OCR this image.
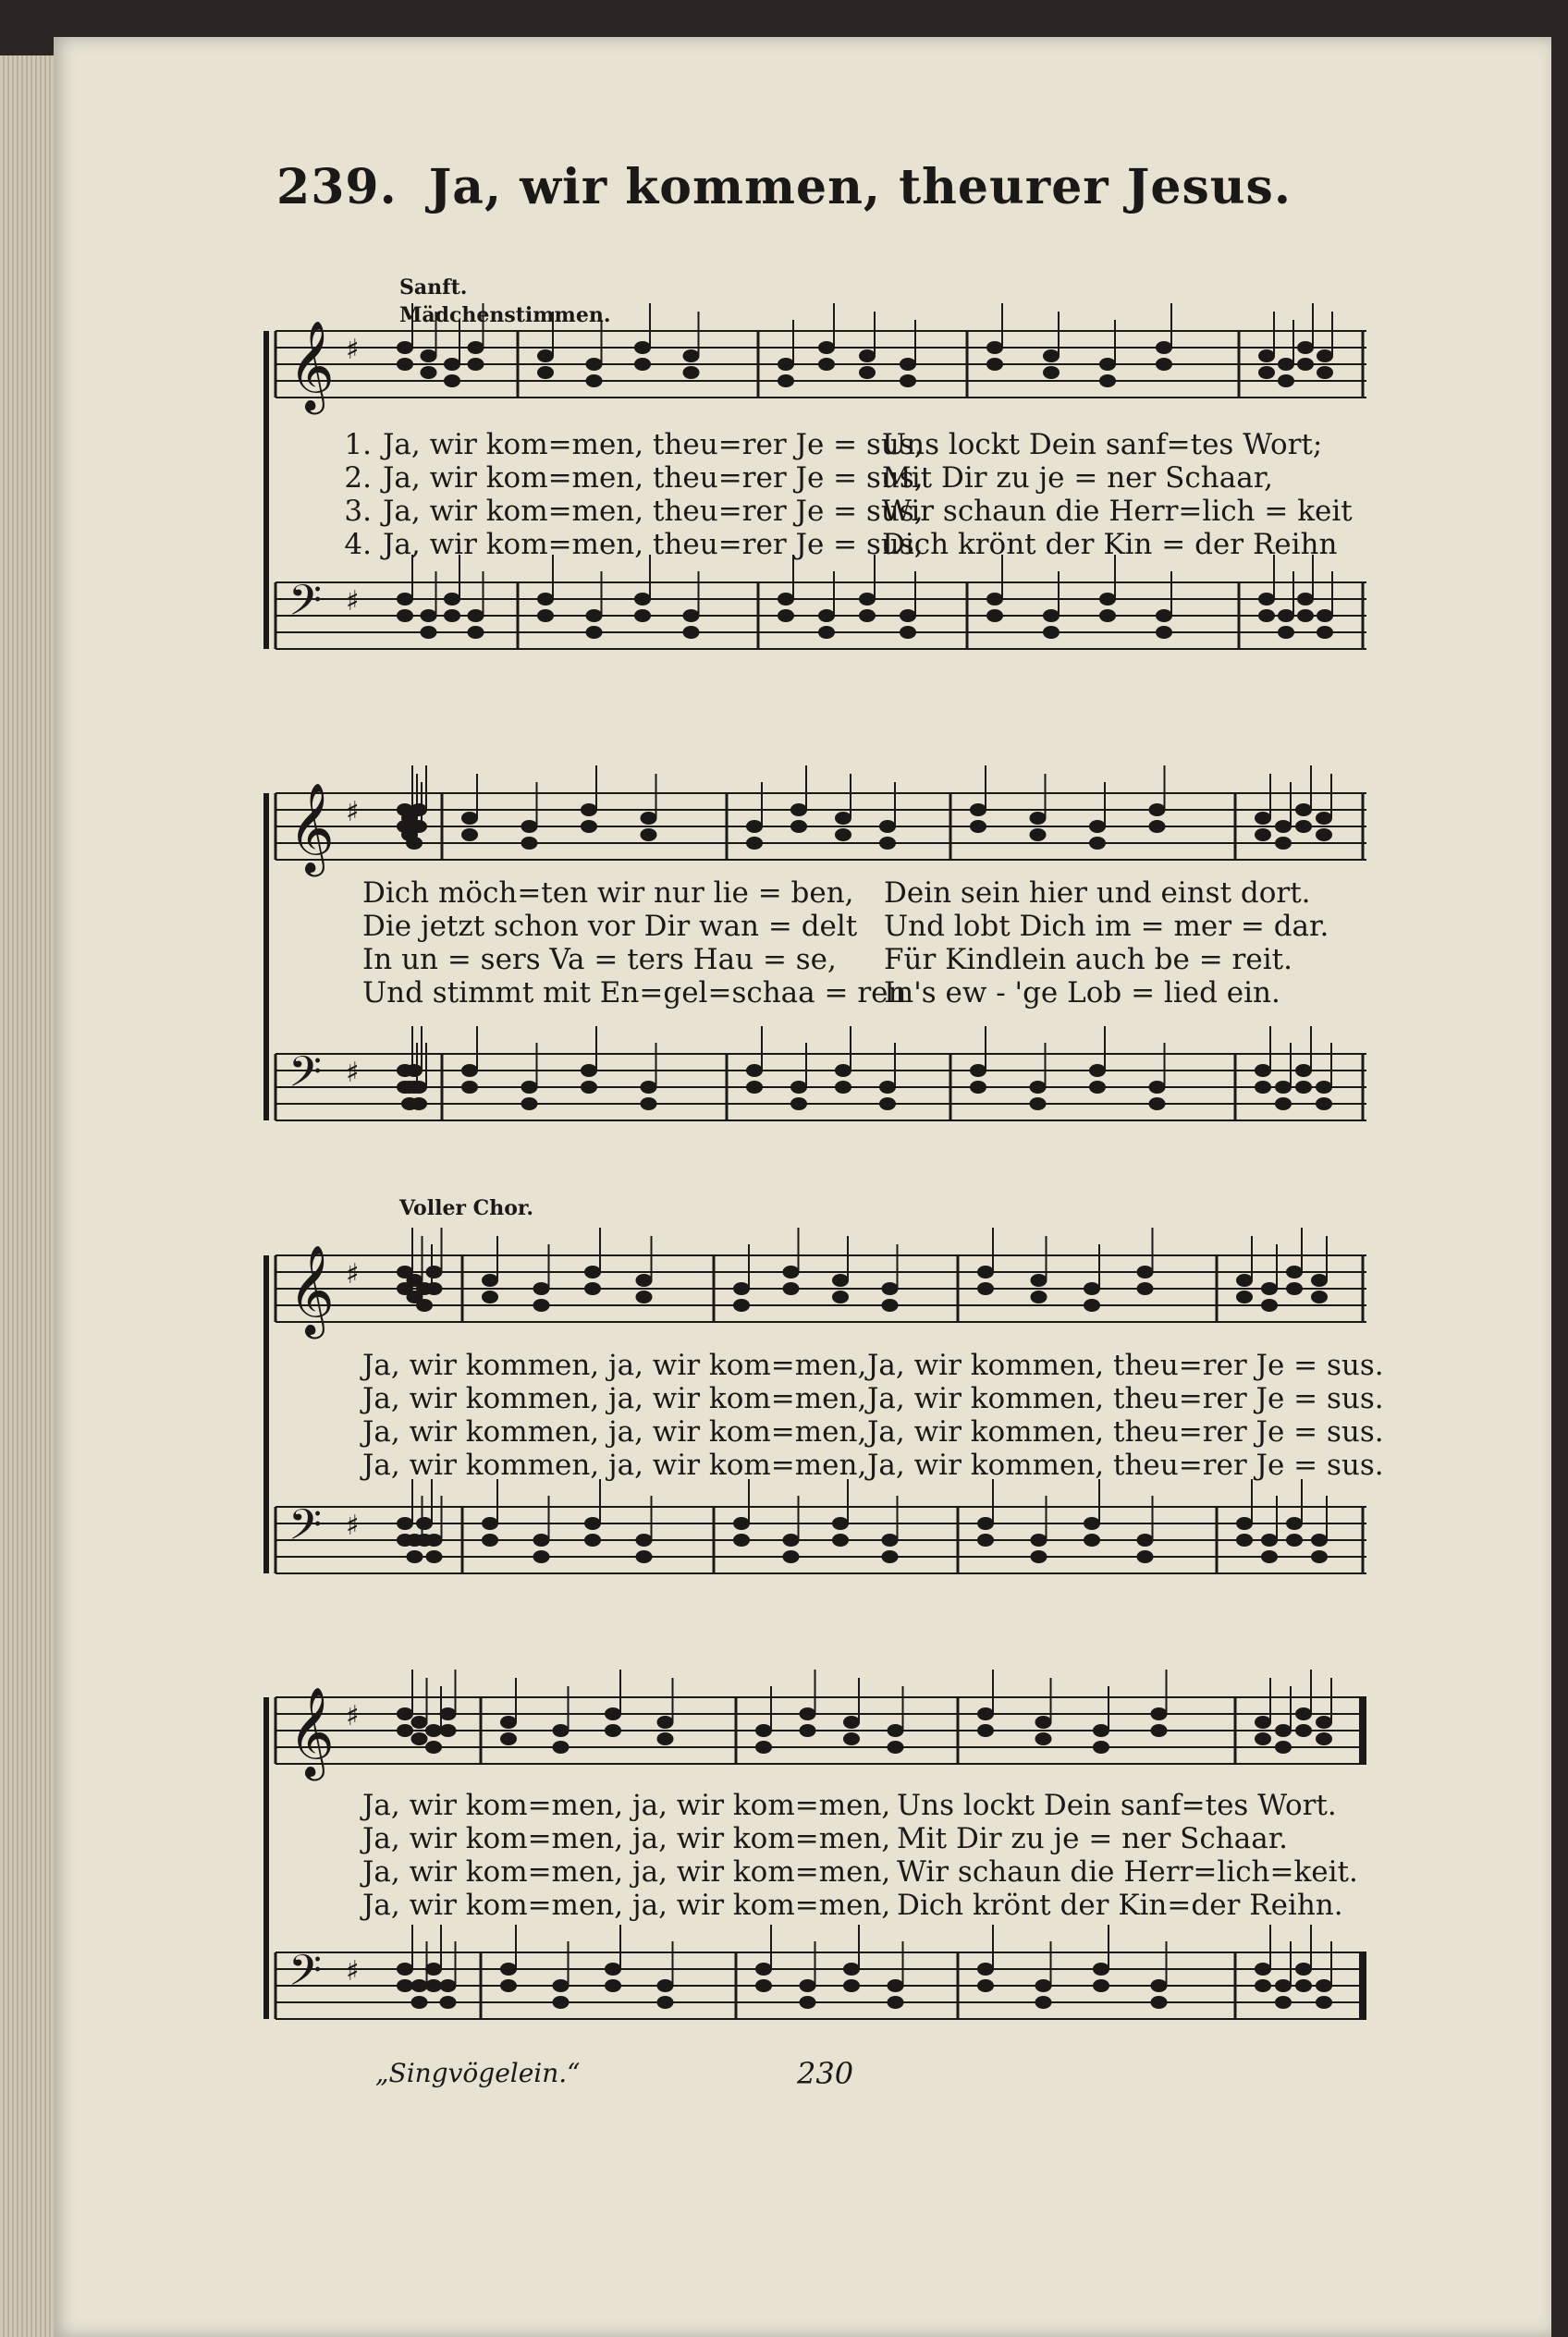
239. Ja, wir kommen, theurer Jesus.
Sanft.
Mädchenstimmen.
Voller Chor.
𝄞 ♯
𝄢 ♯
1. Ja, wir kom=men, theu=rer Je = sus,
Uns lockt Dein sanf=tes Wort;
2. Ja, wir kom=men, theu=rer Je = sus,
Mit Dir zu je = ner Schaar,
3. Ja, wir kom=men, theu=rer Je = sus,
Wir schaun die Herr=lich = keit
4. Ja, wir kom=men, theu=rer Je = sus,
Dich krönt der Kin = der Reihn
𝄞 ♯
𝄢 ♯
Dich möch=ten wir nur lie = ben, Dein sein hier und einst dort.
Die jetzt schon vor Dir wan = delt Und lobt Dich im = mer = dar.
In un = sers Va = ters Hau = se, Für Kindlein auch be = reit.
Und stimmt mit En=gel=schaa = ren
In's ew - 'ge Lob = lied ein.
𝄞 ♯
𝄢 ♯
Ja, wir kommen, ja, wir kom=men, Ja, wir kommen, theu=rer Je = sus.
Ja, wir kommen, ja, wir kom=men, Ja, wir kommen, theu=rer Je = sus.
Ja, wir kommen, ja, wir kom=men, Ja, wir kommen, theu=rer Je = sus.
Ja, wir kommen, ja, wir kom=men, Ja, wir kommen, theu=rer Je = sus.
𝄞 ♯
𝄢 ♯
Ja, wir kom=men, ja, wir kom=men, Uns lockt Dein sanf=tes Wort.
Ja, wir kom=men, ja, wir kom=men, Mit Dir zu je = ner Schaar.
Ja, wir kom=men, ja, wir kom=men, Wir schaun die Herr=lich=keit.
Ja, wir kom=men, ja, wir kom=men, Dich krönt der Kin=der Reihn.
„Singvögelein.“	230
